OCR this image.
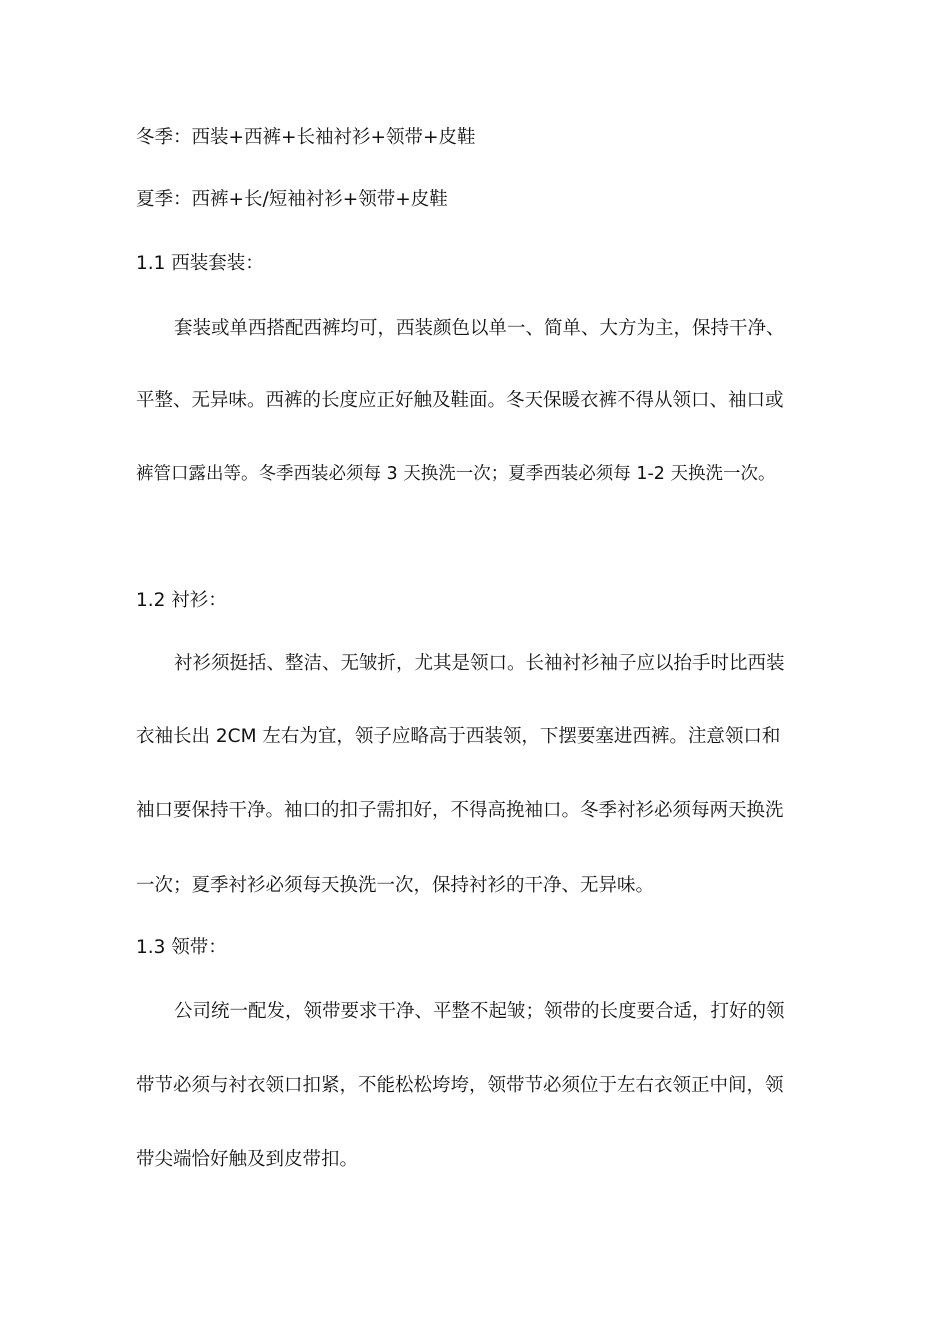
冬季：西装+西裤+长袖衬衫+领带+皮鞋
夏季：西裤+长/短袖衬衫+领带+皮鞋
1.1 西装套装：
套装或单西搭配西裤均可，西装颜色以单一、简单、大方为主，保持干净、
平整、无异味。西裤的长度应正好触及鞋面。冬天保暖衣裤不得从领口、袖口或
裤管口露出等。冬季西装必须每 3 天换洗一次；夏季西装必须每 1-2 天换洗一次。
1.2 衬衫：
衬衫须挺括、整洁、无皱折，尤其是领口。长袖衬衫袖子应以抬手时比西装
衣袖长出 2CM 左右为宜，领子应略高于西装领，下摆要塞进西裤。注意领口和
袖口要保持干净。袖口的扣子需扣好，不得高挽袖口。冬季衬衫必须每两天换洗
一次；夏季衬衫必须每天换洗一次，保持衬衫的干净、无异味。
1.3 领带：
公司统一配发，领带要求干净、平整不起皱；领带的长度要合适，打好的领
带节必须与衬衣领口扣紧，不能松松垮垮，领带节必须位于左右衣领正中间，领
带尖端恰好触及到皮带扣。
